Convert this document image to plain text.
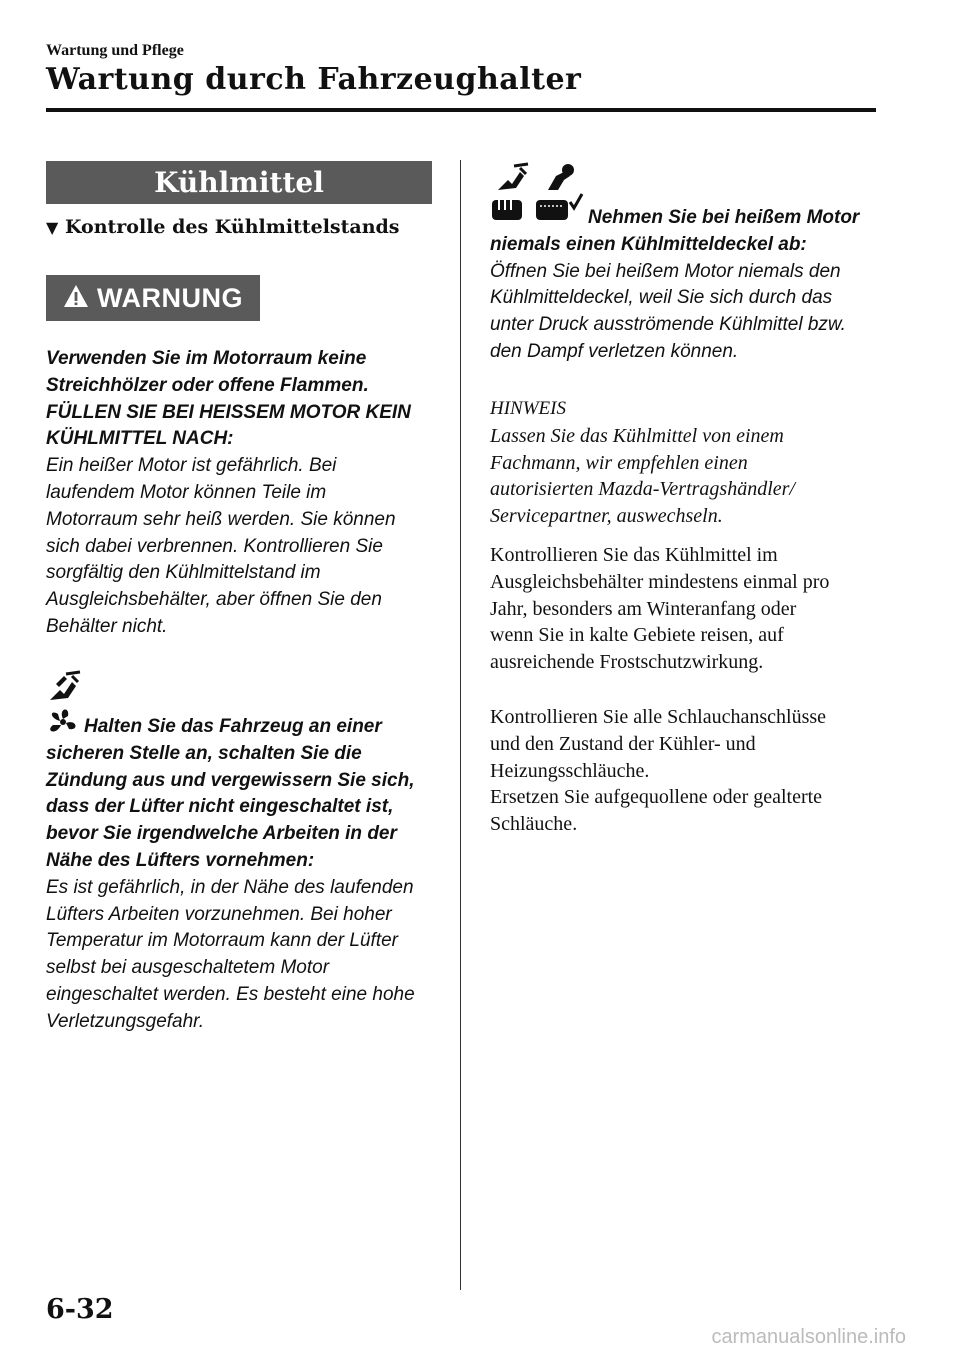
Wartung und Pflege
Wartung durch Fahrzeughalter
Kühlmittel
▼ Kontrolle des Kühlmittelstands
WARNUNG
Verwenden Sie im Motorraum keine
Streichhölzer oder offene Flammen.
FÜLLEN SIE BEI HEISSEM MOTOR KEIN
KÜHLMITTEL NACH:
Ein heißer Motor ist gefährlich. Bei
laufendem Motor können Teile im
Motorraum sehr heiß werden. Sie können
sich dabei verbrennen. Kontrollieren Sie
sorgfältig den Kühlmittelstand im
Ausgleichsbehälter, aber öffnen Sie den
Behälter nicht.
Halten Sie das Fahrzeug an einer
sicheren Stelle an, schalten Sie die
Zündung aus und vergewissern Sie sich,
dass der Lüfter nicht eingeschaltet ist,
bevor Sie irgendwelche Arbeiten in der
Nähe des Lüfters vornehmen:
Es ist gefährlich, in der Nähe des laufenden
Lüfters Arbeiten vorzunehmen. Bei hoher
Temperatur im Motorraum kann der Lüfter
selbst bei ausgeschaltetem Motor
eingeschaltet werden. Es besteht eine hohe
Verletzungsgefahr.
Nehmen Sie bei heißem Motor
niemals einen Kühlmitteldeckel ab:
Öffnen Sie bei heißem Motor niemals den
Kühlmitteldeckel, weil Sie sich durch das
unter Druck ausströmende Kühlmittel bzw.
den Dampf verletzen können.
HINWEIS
Lassen Sie das Kühlmittel von einem
Fachmann, wir empfehlen einen
autorisierten Mazda-Vertragshändler/
Servicepartner, auswechseln.
Kontrollieren Sie das Kühlmittel im
Ausgleichsbehälter mindestens einmal pro
Jahr, besonders am Winteranfang oder
wenn Sie in kalte Gebiete reisen, auf
ausreichende Frostschutzwirkung.
Kontrollieren Sie alle Schlauchanschlüsse
und den Zustand der Kühler- und
Heizungsschläuche.
Ersetzen Sie aufgequollene oder gealterte
Schläuche.
6-32
carmanualsonline.info
